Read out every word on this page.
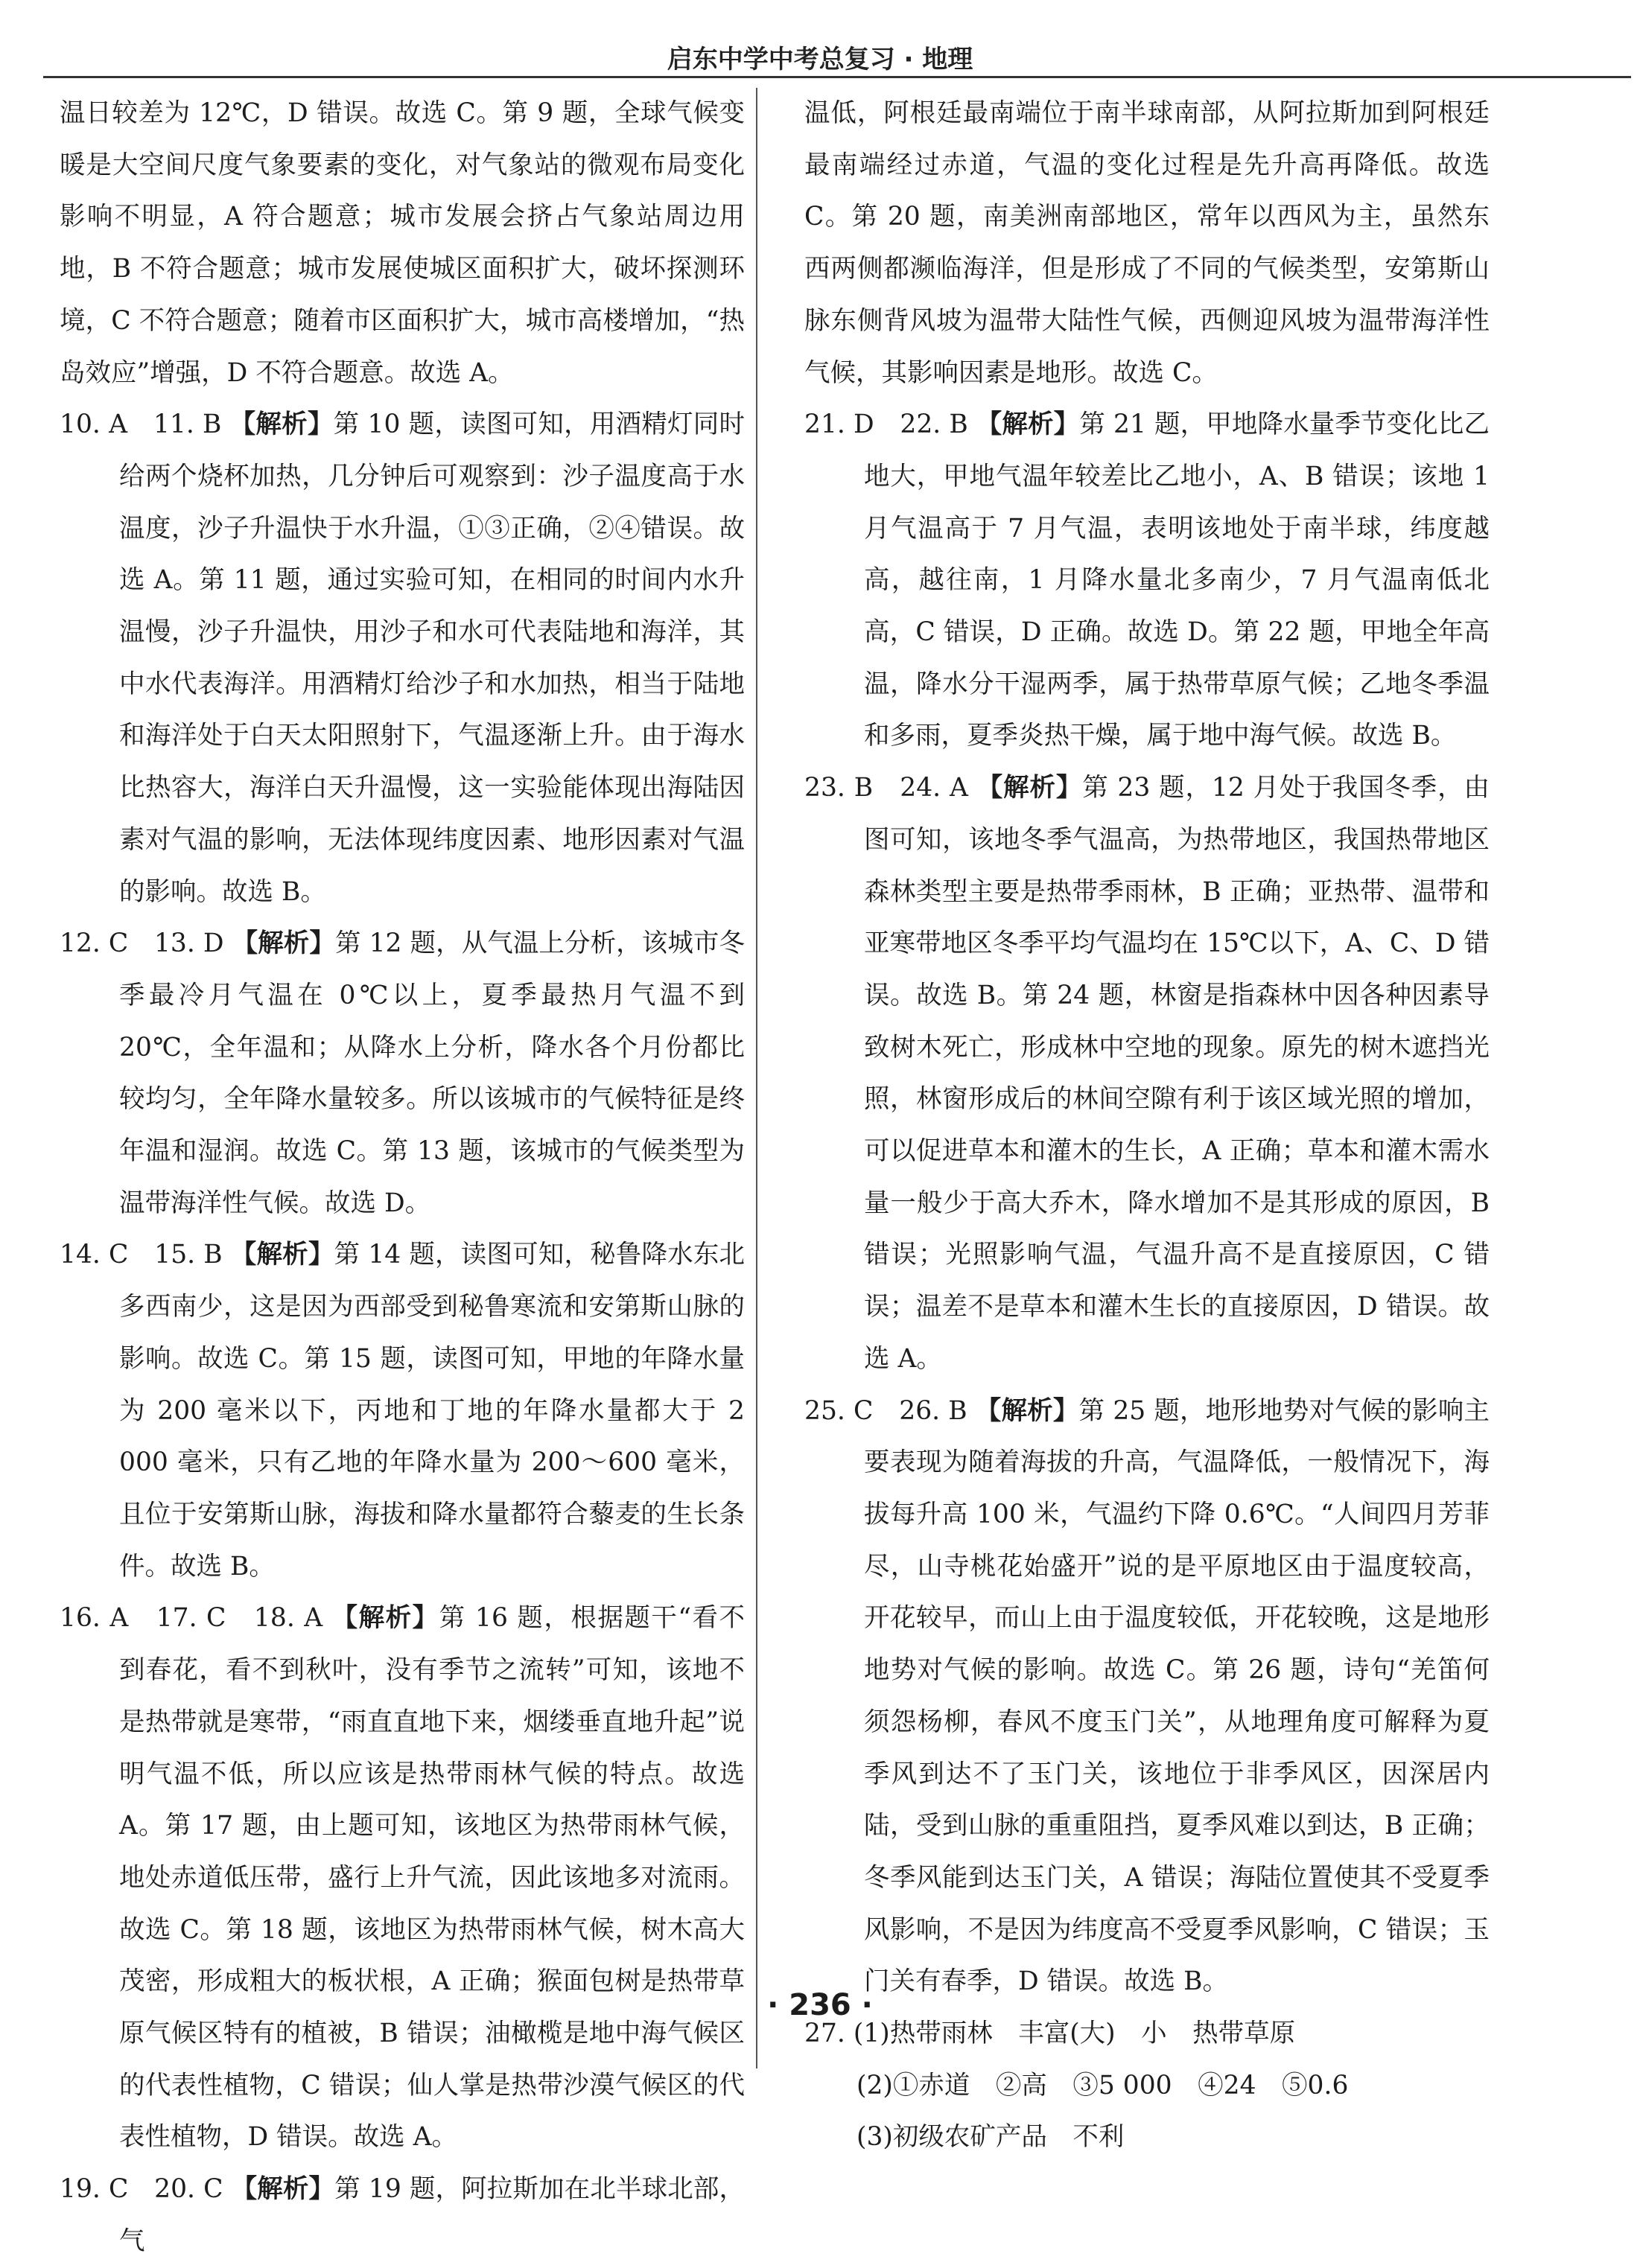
启东中学中考总复习 · 地理

温日较差为 12℃，D 错误。故选 C。第 9 题，全球气候变暖是大空间尺度气象要素的变化，对气象站的微观布局变化影响不明显，A 符合题意；城市发展会挤占气象站周边用地，B 不符合题意；城市发展使城区面积扩大，破坏探测环境，C 不符合题意；随着市区面积扩大，城市高楼增加，“热岛效应”增强，D 不符合题意。故选 A。

10. A　11. B 【解析】第 10 题，读图可知，用酒精灯同时给两个烧杯加热，几分钟后可观察到：沙子温度高于水温度，沙子升温快于水升温，①③正确，②④错误。故选 A。第 11 题，通过实验可知，在相同的时间内水升温慢，沙子升温快，用沙子和水可代表陆地和海洋，其中水代表海洋。用酒精灯给沙子和水加热，相当于陆地和海洋处于白天太阳照射下，气温逐渐上升。由于海水比热容大，海洋白天升温慢，这一实验能体现出海陆因素对气温的影响，无法体现纬度因素、地形因素对气温的影响。故选 B。

12. C　13. D 【解析】第 12 题，从气温上分析，该城市冬季最冷月气温在 0℃以上，夏季最热月气温不到 20℃，全年温和；从降水上分析，降水各个月份都比较均匀，全年降水量较多。所以该城市的气候特征是终年温和湿润。故选 C。第 13 题，该城市的气候类型为温带海洋性气候。故选 D。

14. C　15. B 【解析】第 14 题，读图可知，秘鲁降水东北多西南少，这是因为西部受到秘鲁寒流和安第斯山脉的影响。故选 C。第 15 题，读图可知，甲地的年降水量为 200 毫米以下，丙地和丁地的年降水量都大于 2 000 毫米，只有乙地的年降水量为 200～600 毫米，且位于安第斯山脉，海拔和降水量都符合藜麦的生长条件。故选 B。

16. A　17. C　18. A 【解析】第 16 题，根据题干“看不到春花，看不到秋叶，没有季节之流转”可知，该地不是热带就是寒带，“雨直直地下来，烟缕垂直地升起”说明气温不低，所以应该是热带雨林气候的特点。故选 A。第 17 题，由上题可知，该地区为热带雨林气候，地处赤道低压带，盛行上升气流，因此该地多对流雨。故选 C。第 18 题，该地区为热带雨林气候，树木高大茂密，形成粗大的板状根，A 正确；猴面包树是热带草原气候区特有的植被，B 错误；油橄榄是地中海气候区的代表性植物，C 错误；仙人掌是热带沙漠气候区的代表性植物，D 错误。故选 A。

19. C　20. C 【解析】第 19 题，阿拉斯加在北半球北部，气

温低，阿根廷最南端位于南半球南部，从阿拉斯加到阿根廷最南端经过赤道，气温的变化过程是先升高再降低。故选 C。第 20 题，南美洲南部地区，常年以西风为主，虽然东西两侧都濒临海洋，但是形成了不同的气候类型，安第斯山脉东侧背风坡为温带大陆性气候，西侧迎风坡为温带海洋性气候，其影响因素是地形。故选 C。

21. D　22. B 【解析】第 21 题，甲地降水量季节变化比乙地大，甲地气温年较差比乙地小，A、B 错误；该地 1 月气温高于 7 月气温，表明该地处于南半球，纬度越高，越往南，1 月降水量北多南少，7 月气温南低北高，C 错误，D 正确。故选 D。第 22 题，甲地全年高温，降水分干湿两季，属于热带草原气候；乙地冬季温和多雨，夏季炎热干燥，属于地中海气候。故选 B。

23. B　24. A 【解析】第 23 题，12 月处于我国冬季，由图可知，该地冬季气温高，为热带地区，我国热带地区森林类型主要是热带季雨林，B 正确；亚热带、温带和亚寒带地区冬季平均气温均在 15℃以下，A、C、D 错误。故选 B。第 24 题，林窗是指森林中因各种因素导致树木死亡，形成林中空地的现象。原先的树木遮挡光照，林窗形成后的林间空隙有利于该区域光照的增加，可以促进草本和灌木的生长，A 正确；草本和灌木需水量一般少于高大乔木，降水增加不是其形成的原因，B 错误；光照影响气温，气温升高不是直接原因，C 错误；温差不是草本和灌木生长的直接原因，D 错误。故选 A。

25. C　26. B 【解析】第 25 题，地形地势对气候的影响主要表现为随着海拔的升高，气温降低，一般情况下，海拔每升高 100 米，气温约下降 0.6℃。“人间四月芳菲尽，山寺桃花始盛开”说的是平原地区由于温度较高，开花较早，而山上由于温度较低，开花较晚，这是地形地势对气候的影响。故选 C。第 26 题，诗句“羌笛何须怨杨柳，春风不度玉门关”，从地理角度可解释为夏季风到达不了玉门关，该地位于非季风区，因深居内陆，受到山脉的重重阻挡，夏季风难以到达，B 正确；冬季风能到达玉门关，A 错误；海陆位置使其不受夏季风影响，不是因为纬度高不受夏季风影响，C 错误；玉门关有春季，D 错误。故选 B。

27. (1)热带雨林　丰富(大)　小　热带草原

(2)①赤道　②高　③5 000　④24　⑤0.6

(3)初级农矿产品　不利

· 236 ·
